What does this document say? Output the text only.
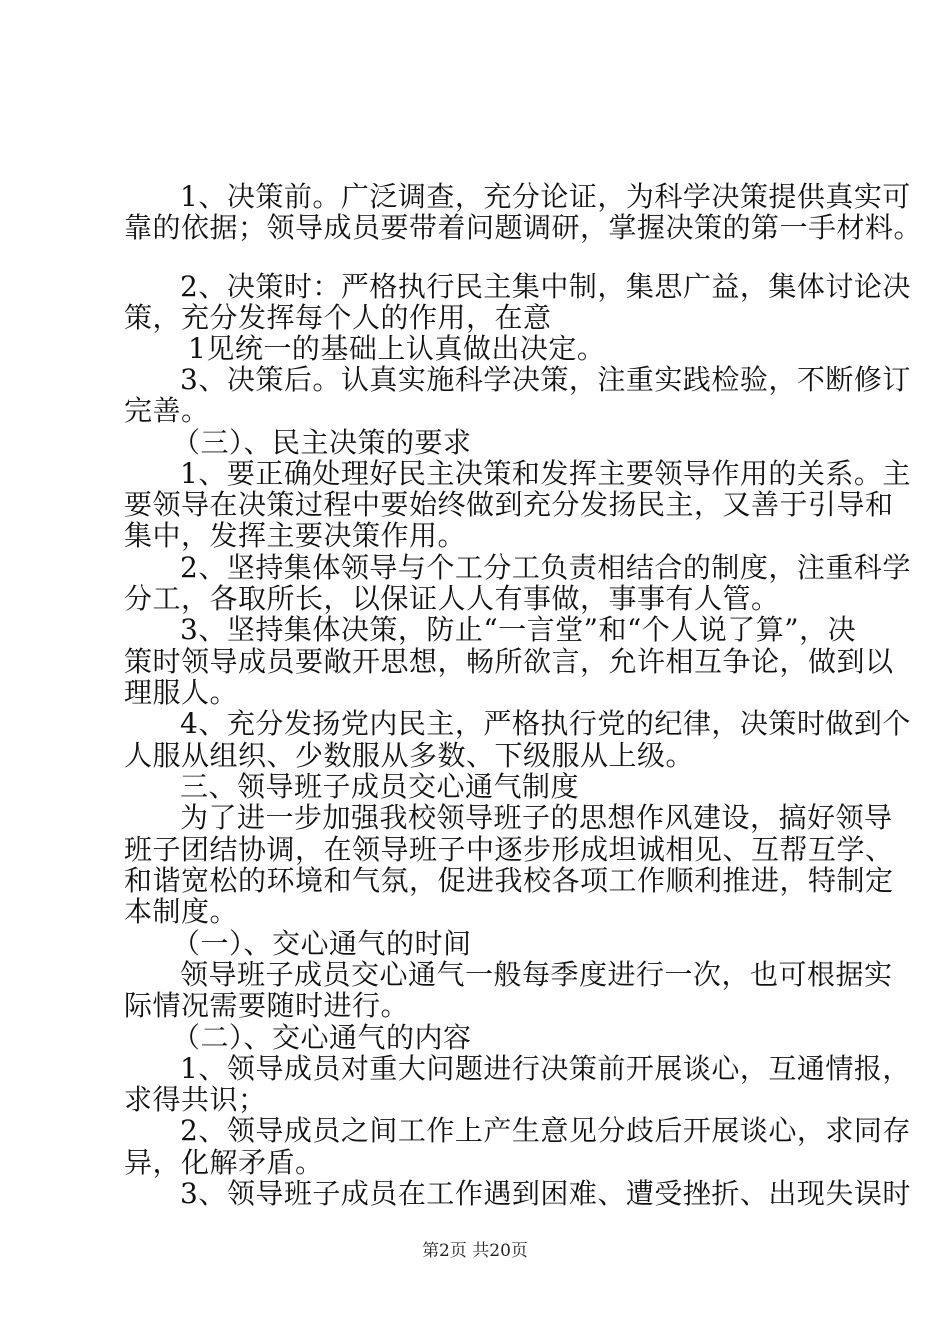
1、决策前。广泛调查，充分论证，为科学决策提供真实可
靠的依据；领导成员要带着问题调研，掌握决策的第一手材料。
2、决策时：严格执行民主集中制，集思广益，集体讨论决
策，充分发挥每个人的作用，在意
1见统一的基础上认真做出决定。
3、决策后。认真实施科学决策，注重实践检验，不断修订
完善。
（三）、民主决策的要求
1、要正确处理好民主决策和发挥主要领导作用的关系。主
要领导在决策过程中要始终做到充分发扬民主，又善于引导和
集中，发挥主要决策作用。
2、坚持集体领导与个工分工负责相结合的制度，注重科学
分工，各取所长，以保证人人有事做，事事有人管。
3、坚持集体决策，防止“一言堂”和“个人说了算”，决
策时领导成员要敞开思想，畅所欲言，允许相互争论，做到以
理服人。
4、充分发扬党内民主，严格执行党的纪律，决策时做到个
人服从组织、少数服从多数、下级服从上级。
三、领导班子成员交心通气制度
为了进一步加强我校领导班子的思想作风建设，搞好领导
班子团结协调，在领导班子中逐步形成坦诚相见、互帮互学、
和谐宽松的环境和气氛，促进我校各项工作顺利推进，特制定
本制度。
（一）、交心通气的时间
领导班子成员交心通气一般每季度进行一次，也可根据实
际情况需要随时进行。
（二）、交心通气的内容
1、领导成员对重大问题进行决策前开展谈心，互通情报，
求得共识；
2、领导成员之间工作上产生意见分歧后开展谈心，求同存
异，化解矛盾。
3、领导班子成员在工作遇到困难、遭受挫折、出现失误时
第2页 共20页
